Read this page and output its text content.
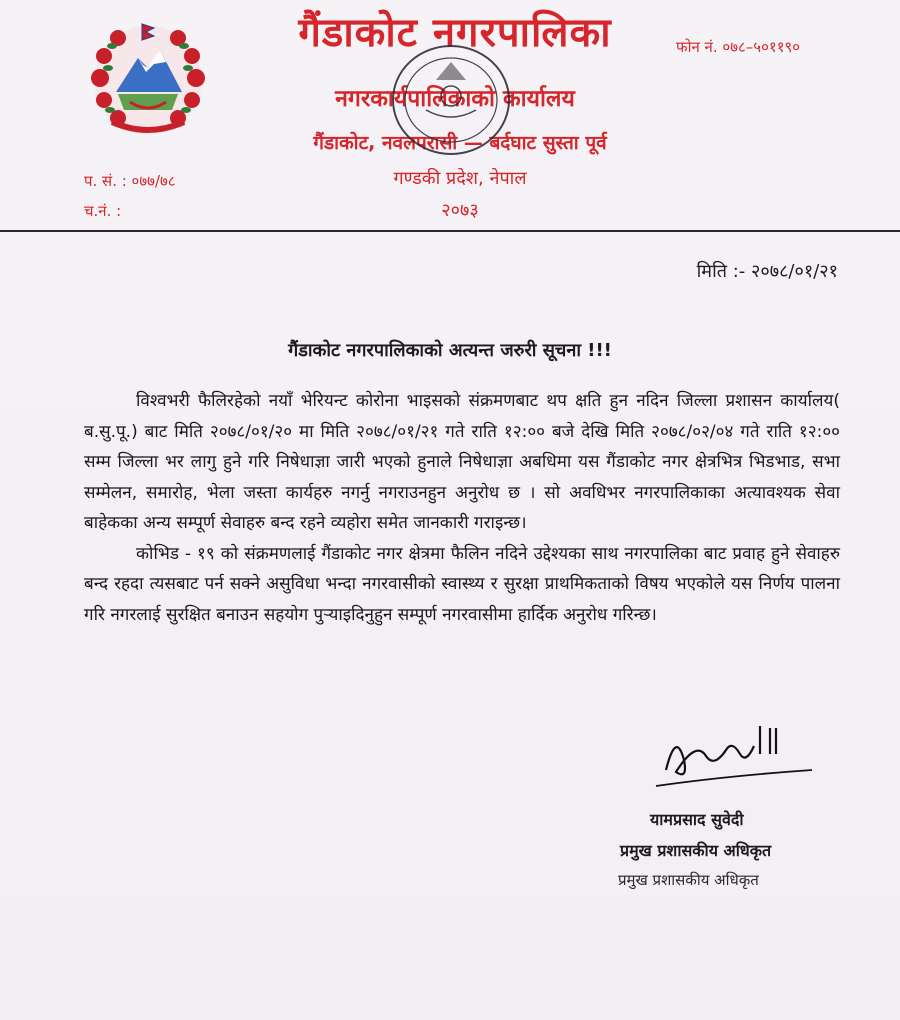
गैंडाकोट नगरपालिका
नगरकार्यपालिकाको कार्यालय
गैंडाकोट, नवलपरासी — बर्दघाट सुस्ता पूर्व
गण्डकी प्रदेश, नेपाल
२०७३
फोन नं. ०७८–५०११९०
प. सं. : ०७७/७८
च.नं. :
मिति :- २०७८/०१/२१
गैंडाकोट नगरपालिकाको अत्यन्त जरुरी सूचना !!!

विश्वभरी फैलिरहेको नयाँ भेरियन्ट कोरोना भाइसको संक्रमणबाट थप क्षति हुन नदिन जिल्ला प्रशासन कार्यालय( ब.सु.पू.) बाट मिति २०७८/०१/२० मा मिति २०७८/०१/२१ गते राति १२:०० बजे देखि मिति २०७८/०२/०४ गते राति १२:०० सम्म जिल्ला भर लागु हुने गरि निषेधाज्ञा जारी भएको हुनाले निषेधाज्ञा अबधिमा यस गैंडाकोट नगर क्षेत्रभित्र भिडभाड, सभा सम्मेलन, समारोह, भेला जस्ता कार्यहरु नगर्नु नगराउनहुन अनुरोध छ । सो अवधिभर नगरपालिकाका अत्यावश्यक सेवा बाहेकका अन्य सम्पूर्ण सेवाहरु बन्द रहने व्यहोरा समेत जानकारी गराइन्छ।

कोभिड - १९ को संक्रमणलाई गैंडाकोट नगर क्षेत्रमा फैलिन नदिने उद्देश्यका साथ नगरपालिका बाट प्रवाह हुने सेवाहरु बन्द रहदा त्यसबाट पर्न सक्ने असुविधा भन्दा नगरवासीको स्वास्थ्य र सुरक्षा प्राथमिकताको विषय भएकोले यस निर्णय पालना गरि नगरलाई सुरक्षित बनाउन सहयोग पुर्‍याइदिनुहुन सम्पूर्ण नगरवासीमा हार्दिक अनुरोध गरिन्छ।

यामप्रसाद सुवेदी
प्रमुख प्रशासकीय अधिकृत
प्रमुख प्रशासकीय अधिकृत
